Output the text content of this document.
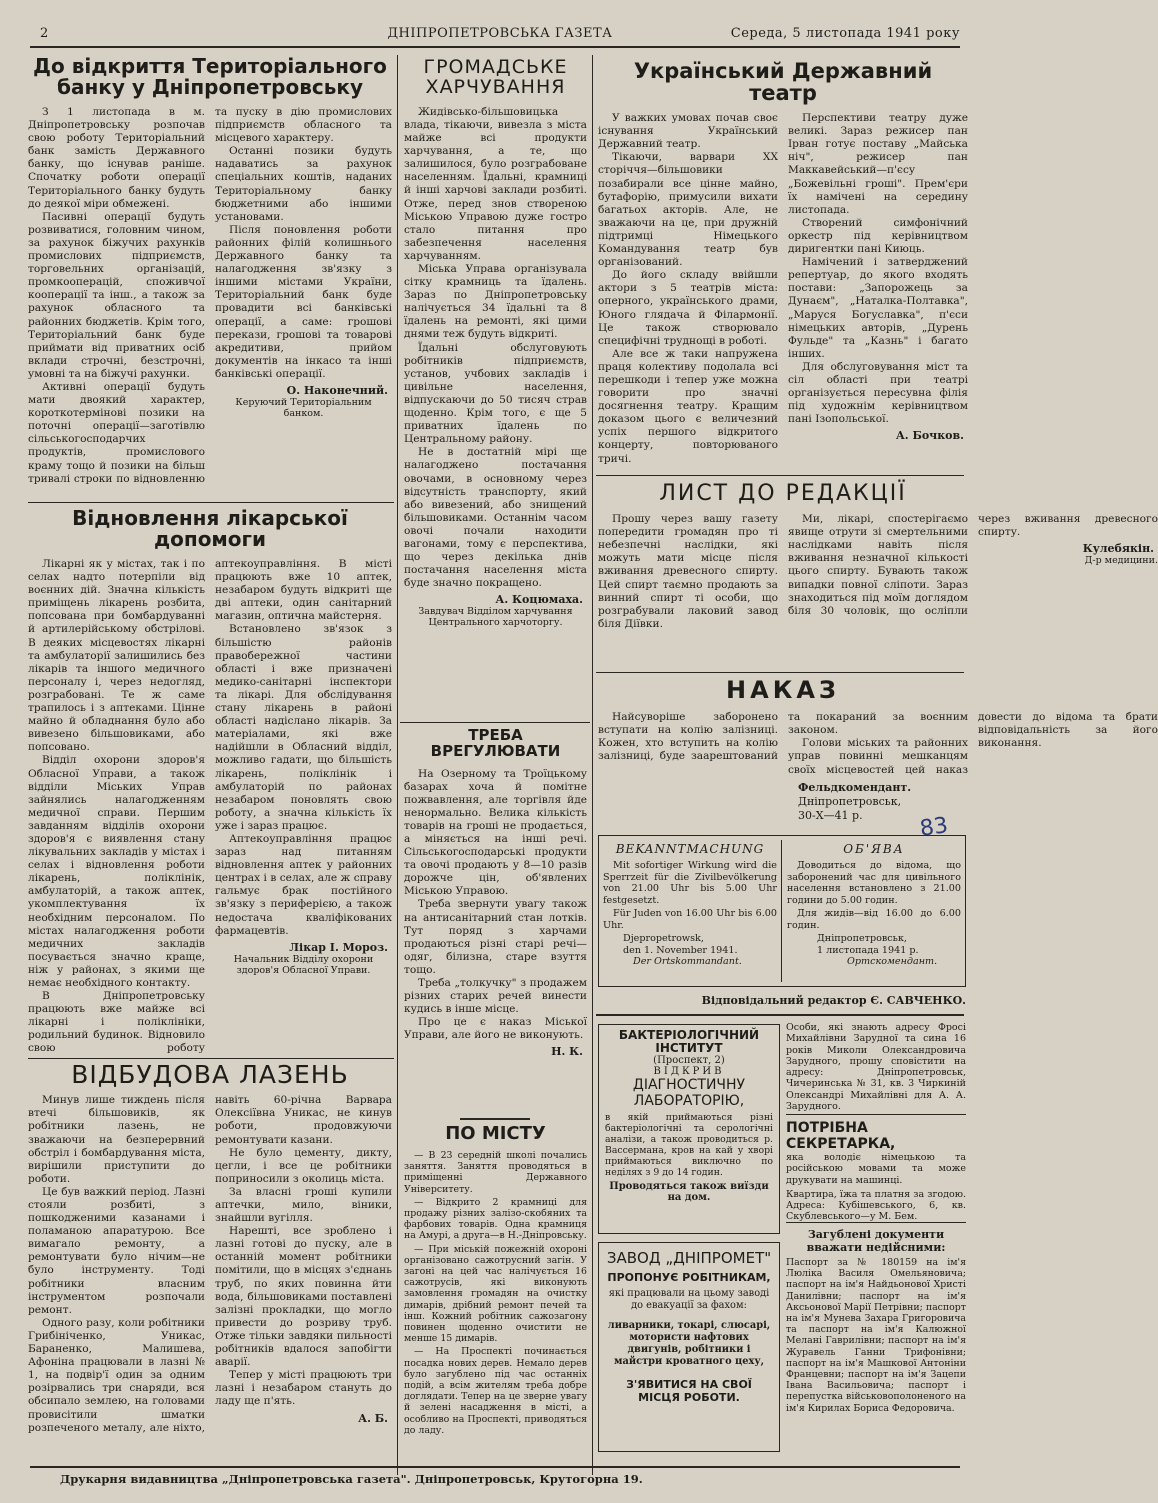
2	ДНІПРОПЕТРОВСЬКА ГАЗЕТА	Середа, 5 листопада 1941 року
До відкриття Територіального банку у Дніпропетровську

З 1 листопада в м. Дніпропетровську розпочав свою роботу Територіальний банк замість Державного банку, що існував раніше. Спочатку роботи операції Територіального банку будуть до деякої міри обмежені.

Пасивні операції будуть розвиватися, головним чином, за рахунок біжучих рахунків промислових підприємств, торговельних організацій, промкооперацій, споживчої кооперації та інш., а також за рахунок обласного та районних бюджетів. Крім того, Територіальний банк буде приймати від приватних осіб вклади строчні, безстрочні, умовні та на біжучі рахунки.

Активні операції будуть мати двоякий характер, короткотермінові позики на поточні операції—заготівлю сільськогосподарчих продуктів, промислового крамy тощо й позики на більш тривалі строки по відновленню та пуску в дію промислових підприємств обласного та місцевого характеру.

Останні позики будуть надаватись за рахунок спеціальних коштів, наданих Територіальному банку бюджетними або іншими установами.

Після поновлення роботи районних філій колишнього Державного банку та налагодження зв'язку з іншими містами України, Територіальний банк буде провадити всі банківські операції, а саме: грошові перекази, грошові та товарові акредитиви, прийом документів на інкасо та інші банківські операції.

О. Наконечний.
Керуючий Територіальним банком.
Відновлення лікарської допомоги

Лікарні як у містах, так і по селах надто потерпіли від воєнних дій. Значна кількість приміщень лікарень розбита, попсована при бомбардуванні й артилерійському обстрілові. В деяких місцевостях лікарні та амбулаторії залишились без лікарів та іншого медичного персоналу і, через недогляд, розграбовані. Те ж саме трапилось і з аптеками. Цінне майно й обладнання було або вивезено більшовиками, або попсовано.

Відділ охорони здоров'я Обласної Управи, а також відділи Міських Управ зайнялись налагодженням медичної справи. Першим завданням відділів охорони здоров'я є виявлення стану лікувальних закладів у містах і селах і відновлення роботи лікарень, поліклінік, амбулаторій, а також аптек, укомплектування їх необхідним персоналом. По містах налагодження роботи медичних закладів посувається значно краще, ніж у районах, з якими ще немає необхідного контакту.

В Дніпропетровську працюють вже майже всі лікарні і поліклініки, родильний будинок. Відновило свою роботу аптекоуправління. В місті працюють вже 10 аптек, незабаром будуть відкриті ще дві аптеки, один санітарний магазин, оптична майстерня.

Встановлено зв'язок з більшістю районів правобережної частини області і вже призначені медико-санітарні інспектори та лікарі. Для обслідування стану лікарень в районі області надіслано лікарів. За матеріалами, які вже надійшли в Обласний відділ, можливо гадати, що більшість лікарень, поліклінік і амбулаторій по районах незабаром поновлять свою роботу, а значна кількість їх уже і зараз працює.

Аптекоуправління працює зараз над питанням відновлення аптек у районних центрах і в селах, але ж справу гальмує брак постійного зв'язку з периферією, а також недостача кваліфікованих фармацевтів.

Лікар І. Мороз.
Начальник Відділу охорони здоров'я Обласної Управи.
ВІДБУДОВА ЛАЗЕНЬ

Минув лише тиждень після втечі більшовиків, як робітники лазень, не зважаючи на безперервний обстріл і бомбардування міста, вирішили приступити до роботи.

Це був важкий період. Лазні стояли розбиті, з пошкодженими казанами і поламаною апаратурою. Все вимагало ремонту, а ремонтувати було нічим—не було інструменту. Тоді робітники власним інструментом розпочали ремонт.

Одного разу, коли робітники Грибініченко, Уникас, Бараненко, Малишева, Афоніна працювали в лазні № 1, на подвір'ї один за одним розірвались три снаряди, вся обсипало землею, на головами провисітили шматки розпеченого металу, але ніхто, навіть 60-річна Варвара Олексіївна Уникас, не кинув роботи, продовжуючи ремонтувати казани.

Не було цементу, дикту, цегли, і все це робітники поприносили з околиць міста.

За власні гроші купили аптечки, мило, віники, знайшли вугілля.

Нарешті, все зроблено і лазні готові до пуску, але в останній момент робітники помітили, що в місцях з'єднань труб, по яких повинна йти вода, більшовиками поставлені залізні прокладки, що могло привести до розриву труб. Отже тільки завдяки пильності робітників вдалося запобігти аварії.

Тепер у місті працюють три лазні і незабаром стануть до ладу ще п'ять.

А. Б.
ГРОМАДСЬКЕ ХАРЧУВАННЯ

Жидівсько-більшовицька влада, тікаючи, вивезла з міста майже всі продукти харчування, а те, що залишилося, було розграбоване населенням. Їдальні, крамниці й інші харчові заклади розбиті. Отже, перед знов створеною Міською Управою дуже гостро стало питання про забезпечення населення харчуванням.

Міська Управа організувала сітку крамниць та їдалень. Зараз по Дніпропетровську налічується 34 їдальні та 8 їдалень на ремонті, які цими днями теж будуть відкриті.

Їдальні обслуговують робітників підприємств, установ, учбових закладів і цивільне населення, відпускаючи до 50 тисяч страв щоденно. Крім того, є ще 5 приватних їдалень по Центральному району.

Не в достатній мірі ще налагоджено постачання овочами, в основному через відсутність транспорту, який або вивезений, або знищений більшовиками. Останнім часом овочі почали находити вагонами, тому є перспектива, що через декілька днів постачання населення міста буде значно покращено.

А. Коцюмаха.
Завдувач Відділом харчування Центрального харчоторгу.
ТРЕБА ВРЕГУЛЮВАТИ

На Озерному та Троїцькому базарах хоча й помітне пожвавлення, але торгівля йде ненормально. Велика кількість товарів на гроші не продається, а міняється на інші речі. Сільськогосподарські продукти та овочі продають у 8—10 разів дорожче цін, об'явлених Міською Управою.

Треба звернути увагу також на антисанітарний стан лотків. Тут поряд з харчами продаються різні старі речі—одяг, білизна, старе взуття тощо.

Треба „толкучку" з продажем різних старих речей винести кудись в інше місце.

Про це є наказ Міської Управи, але його не виконують.

Н. К.
ПО МІСТУ

— В 23 середній школі почались заняття. Заняття проводяться в приміщенні Державного Університету.

— Відкрито 2 крамниці для продажу різних залізо-скобяних та фарбових товарів. Одна крамниця на Амурі, а друга—в Н.-Дніпровську.

— При міській пожежній охороні організовано сажотрусний загін. У загоні на цей час налічується 16 сажотрусів, які виконують замовлення громадян на очистку димарів, дрібний ремонт печей та інш. Кожний робітник сажозагону повинен щоденно очистити не менше 15 димарів.

— На Проспекті починається посадка нових дерев. Немало дерев було загублено під час останніх подій, а всім жителям треба добре доглядати. Тепер на це зверне увагу й зелені насадження в місті, а особливо на Проспекті, приводяться до ладу.

Український Державний театр

У важких умовах почав своє існування Український Державний театр.

Тікаючи, варвари XX сторіччя—більшовики позабирали все цінне майно, бутафорію, примусили вихати багатьох акторів. Але, не зважаючи на це, при дружній підтримці Німецького Командування театр був організований.

До його складу ввійшли актори з 5 театрів міста: оперного, українського драми, Юного глядача й Філармонії. Це також створювало специфічні труднощі в роботі.

Але все ж таки напружена праця колективу подолала всі перешкоди і тепер уже можна говорити про значні досягнення театру. Кращим доказом цього є величезний успіх першого відкритого концерту, повторюваного тричі.

Перспективи театру дуже великі. Зараз режисер пан Ірван готує поставу „Майська ніч", режисер пан Маккавейський—п'єсу „Божевільні гроші". Прем'єри їх намічені на середину листопада.

Створений симфонічний оркестр під керівництвом диригентки пані Киюць.

Намічений і затверджений репертуар, до якого входять постави: „Запорожець за Дунаєм", „Наталка-Полтавка", „Маруся Богуславка", п'єси німецьких авторів, „Дурень Фульде" та „Казнь" і багато інших.

Для обслуговування міст та сіл області при театрі організується пересувна філія під художнім керівництвом пані Ізопольської.

А. Бочков.
ЛИСТ ДО РЕДАКЦІЇ

Прошу через вашу газету попередити громадян про ті небезпечні наслідки, які можуть мати місце після вживання древесного спирту. Цей спирт таємно продають за винний спирт ті особи, що розграбували лаковий завод біля Діївки.

Ми, лікарі, спостерігаємо явище отрути зі смертельними наслідками навіть після вживання незначної кількості цього спирту. Бувають також випадки повної сліпоти. Зараз знаходиться під моїм доглядом біля 30 чоловік, що осліпли через вживання древесного спирту.

Кулебякін.
Д-р медицини.
НАКАЗ

Найсуворіше заборонено вступати на колію залізниці. Кожен, хто вступить на колію залізниці, буде заарештований та покараний за воєнним законом.

Голови міських та районних управ повинні мешканцям своїх місцевостей цей наказ довести до відома та брати відповідальність за його виконання.

Фельдкомендант.
Дніпропетровськ,
30-Х—41 р.	83
BEKANNTMACHUNG

Mit sofortiger Wirkung wird die Sperrzeit für die Zivilbevölkerung von 21.00 Uhr bis 5.00 Uhr festgesetzt.

Für Juden von 16.00 Uhr bis 6.00 Uhr.

Djepropetrowsk,
den 1. November 1941.
Der Ortskommandant.
ОБ'ЯВА

Доводиться до відома, що заборонений час для цивільного населення встановлено з 21.00 години до 5.00 годин.

Для жидів—від 16.00 до 6.00 годин.

Дніпропетровськ,
1 листопада 1941 р.
Ортскомендант.
Відповідальний редактор Є. САВЧЕНКО.
БАКТЕРІОЛОГІЧНИЙ ІНСТИТУТ
(Проспект, 2)
ВІДКРИВ
ДІАГНОСТИЧНУ ЛАБОРАТОРІЮ,
в якій приймаються різні бактеріологічні та серологічні аналізи, а також проводиться р. Вассермана, кров на кай у хворі приймаються виключно по неділях з 9 до 14 годин.
Проводяться також виїзди на дом.
ЗАВОД „ДНІПРОМЕТ"
ПРОПОНУЄ РОБІТНИКАМ,
які працювали на цьому заводі до евакуації за фахом:
ливарники, токарі, слюсарі, мотористи нафтових двигунів, робітники і майстри кроватного цеху,
З'ЯВИТИСЯ НА СВОЇ МІСЦЯ РОБОТИ.
Особи, які знають адресу Фросі Михайлівни Зарудної та сина 16 років Миколи Олександровича Зарудного, прошу сповістити на адресу: Дніпропетровськ, Чичеринська № 31, кв. 3 Чиркиній Олександрі Михайлівні для А. А. Зарудного.
ПОТРІБНА СЕКРЕТАРКА,
яка володіє німецькою та російською мовами та може друкувати на машинці.
Квартира, їжа та платня за згодою. Адреса: Кубішевського, 6, кв. Скублевського—у М. Бем.
Загублені документи вважати недійсними:
Паспорт за № 180159 на ім'я Люліка Василя Омельяновича; паспорт на ім'я Найдьонової Христі Данилівни; паспорт на ім'я Аксьонової Марії Петрівни; паспорт на ім'я Мунева Захара Григоровича та паспорт на ім'я Калюжної Мелані Гаврилівни; паспорт на ім'я Журавель Ганни Трифонівни; паспорт на ім'я Машкової Антоніни Францевни; паспорт на ім'я Зацепи Івана Васильовича; паспорт і перепустка військовополоненого на ім'я Кирилах Бориса Федоровича.
Друкарня видавництва „Дніпропетровська газета". Дніпропетровськ, Крутогорна 19.
